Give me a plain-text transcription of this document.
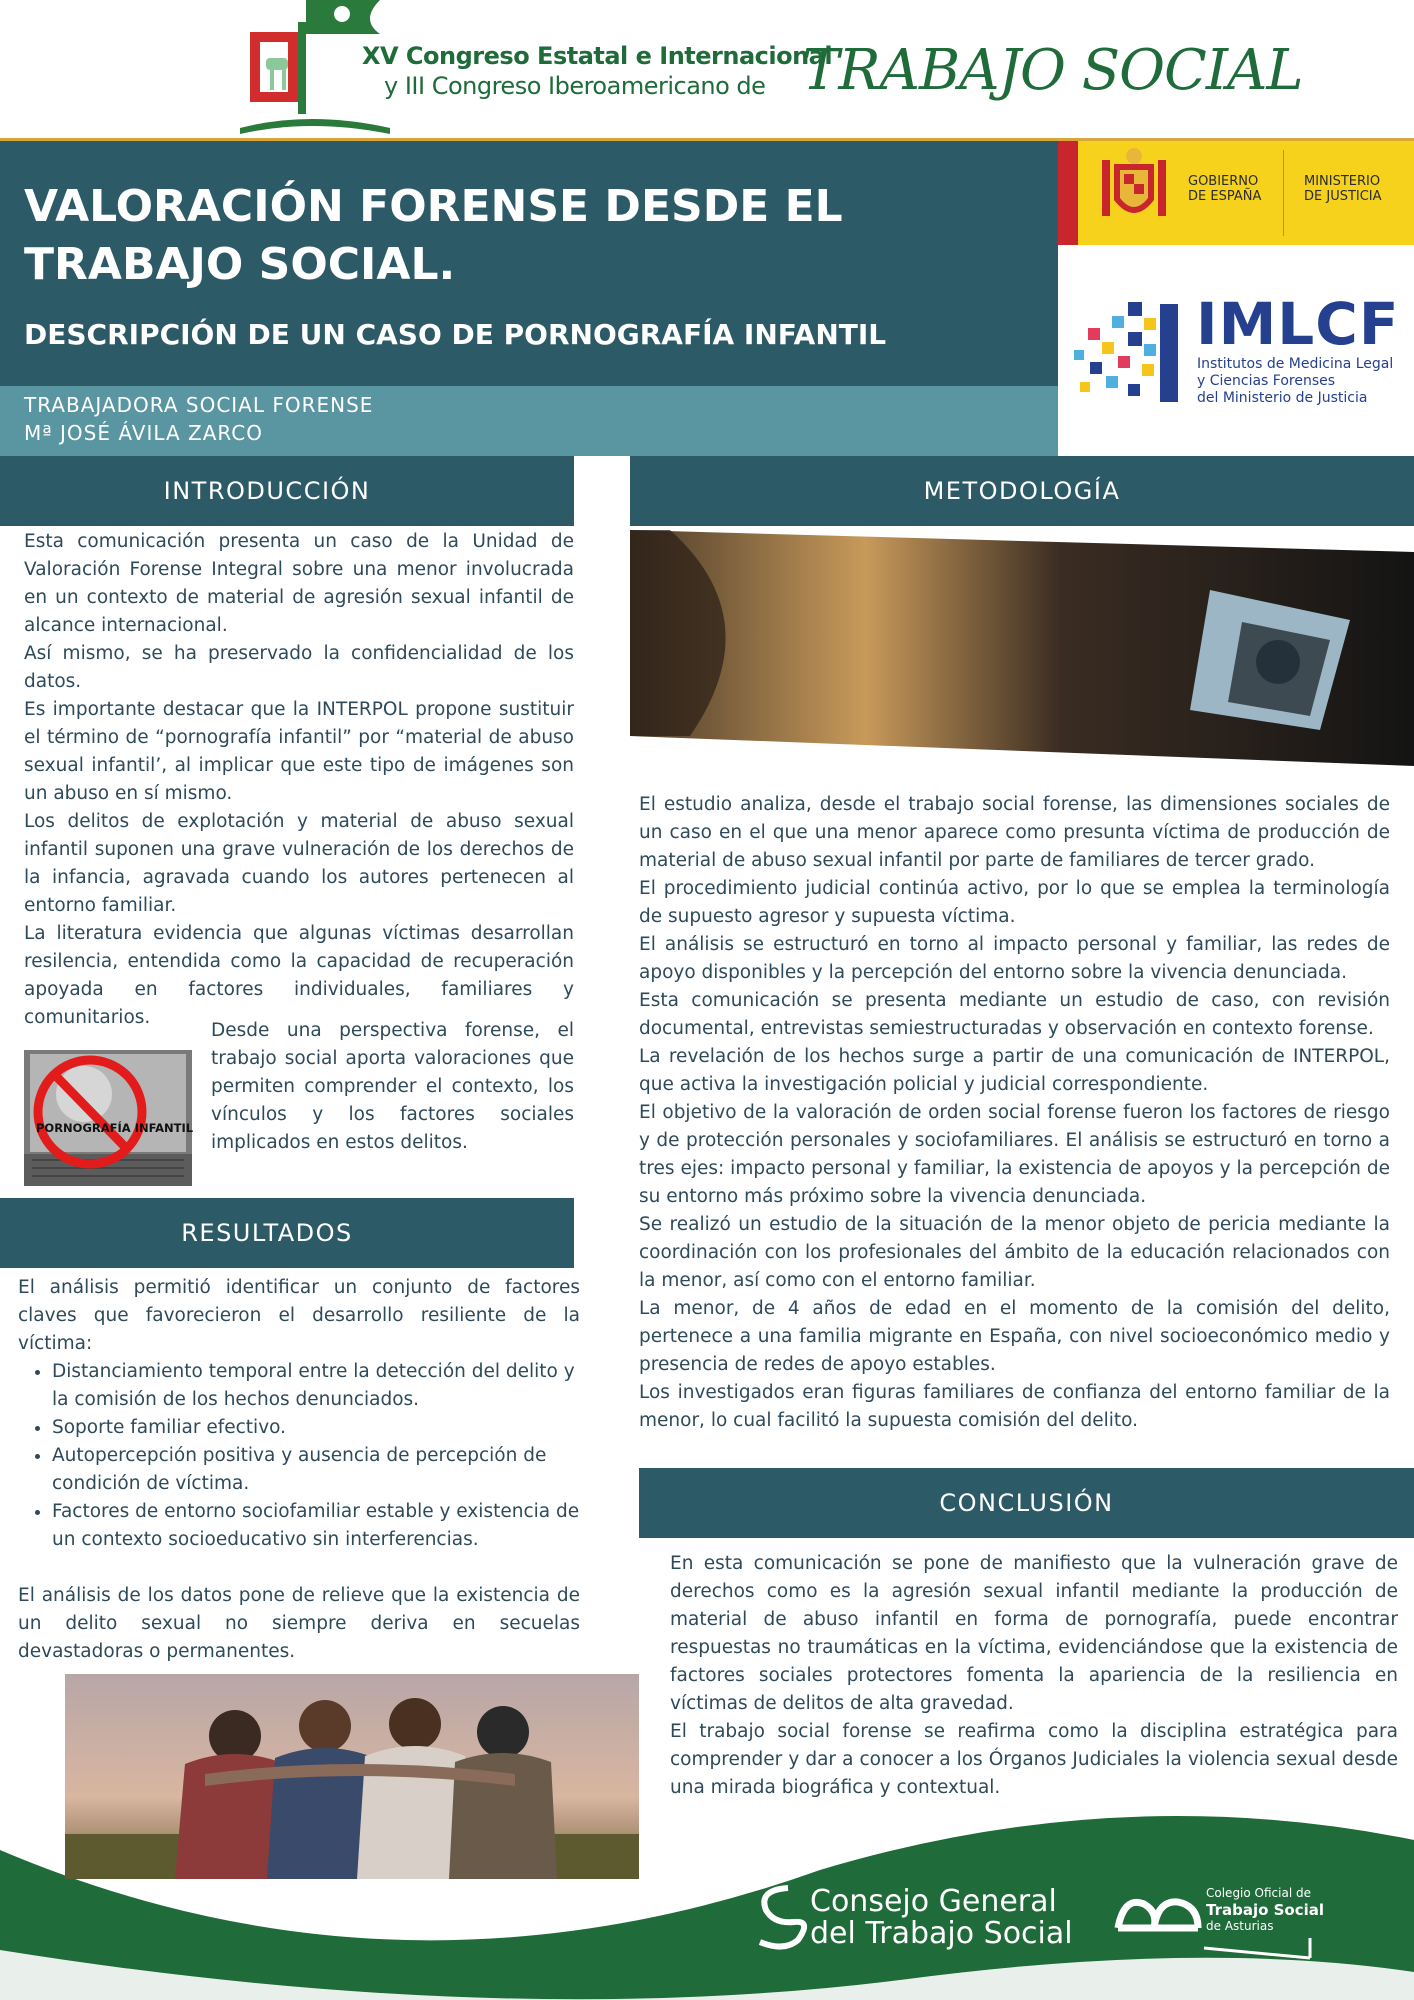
XV Congreso Estatal e Internacional
y III Congreso Iberoamericano de TRABAJO SOCIAL
VALORACIÓN FORENSE DESDE EL TRABAJO SOCIAL.
DESCRIPCIÓN DE UN CASO DE PORNOGRAFÍA INFANTIL
TRABAJADORA SOCIAL FORENSE
Mª JOSÉ ÁVILA ZARCO
GOBIERNO
DE ESPAÑA
MINISTERIO
DE JUSTICIA
IMLCF
Institutos de Medicina Legal
y Ciencias Forenses
del Ministerio de Justicia
INTRODUCCIÓN

Esta comunicación presenta un caso de la Unidad de Valoración Forense Integral sobre una menor involucrada en un contexto de material de agresión sexual infantil de alcance internacional.

Así mismo, se ha preservado la confidencialidad de los datos.

Es importante destacar que la INTERPOL propone sustituir el término de “pornografía infantil” por “material de abuso sexual infantil’, al implicar que este tipo de imágenes son un abuso en sí mismo.

Los delitos de explotación y material de abuso sexual infantil suponen una grave vulneración de los derechos de la infancia, agravada cuando los autores pertenecen al entorno familiar.

La literatura evidencia que algunas víctimas desarrollan resilencia, entendida como la capacidad de recuperación apoyada en factores individuales, familiares y comunitarios.

PORNOGRAFÍA INFANTIL
Desde una perspectiva forense, el trabajo social aporta valoraciones que permiten comprender el contexto, los vínculos y los factores sociales implicados en estos delitos.
METODOLOGÍA

El estudio analiza, desde el trabajo social forense, las dimensiones sociales de un caso en el que una menor aparece como presunta víctima de producción de material de abuso sexual infantil por parte de familiares de tercer grado.

El procedimiento judicial continúa activo, por lo que se emplea la terminología de supuesto agresor y supuesta víctima.

El análisis se estructuró en torno al impacto personal y familiar, las redes de apoyo disponibles y la percepción del entorno sobre la vivencia denunciada.

Esta comunicación se presenta mediante un estudio de caso, con revisión documental, entrevistas semiestructuradas y observación en contexto forense.

La revelación de los hechos surge a partir de una comunicación de INTERPOL, que activa la investigación policial y judicial correspondiente.

El objetivo de la valoración de orden social forense fueron los factores de riesgo y de protección personales y sociofamiliares. El análisis se estructuró en torno a tres ejes: impacto personal y familiar, la existencia de apoyos y la percepción de su entorno más próximo sobre la vivencia denunciada.

Se realizó un estudio de la situación de la menor objeto de pericia mediante la coordinación con los profesionales del ámbito de la educación relacionados con la menor, así como con el entorno familiar.

La menor, de 4 años de edad en el momento de la comisión del delito, pertenece a una familia migrante en España, con nivel socioeconómico medio y presencia de redes de apoyo estables.

Los investigados eran figuras familiares de confianza del entorno familiar de la menor, lo cual facilitó la supuesta comisión del delito.

RESULTADOS
El análisis permitió identificar un conjunto de factores claves que favorecieron el desarrollo resiliente de la víctima:
• Distanciamiento temporal entre la detección del delito y la comisión de los hechos denunciados.
• Soporte familiar efectivo.
• Autopercepción positiva y ausencia de percepción de condición de víctima.
• Factores de entorno sociofamiliar estable y existencia de un contexto socioeducativo sin interferencias.
El análisis de los datos pone de relieve que la existencia de un delito sexual no siempre deriva en secuelas devastadoras o permanentes.
CONCLUSIÓN

En esta comunicación se pone de manifiesto que la vulneración grave de derechos como es la agresión sexual infantil mediante la producción de material de abuso infantil en forma de pornografía, puede encontrar respuestas no traumáticas en la víctima, evidenciándose que la existencia de factores sociales protectores fomenta la apariencia de la resiliencia en víctimas de delitos de alta gravedad.

El trabajo social forense se reafirma como la disciplina estratégica para comprender y dar a conocer a los Órganos Judiciales la violencia sexual desde una mirada biográfica y contextual.

Consejo General
del Trabajo Social
Colegio Oficial de
Trabajo Social
de Asturias
